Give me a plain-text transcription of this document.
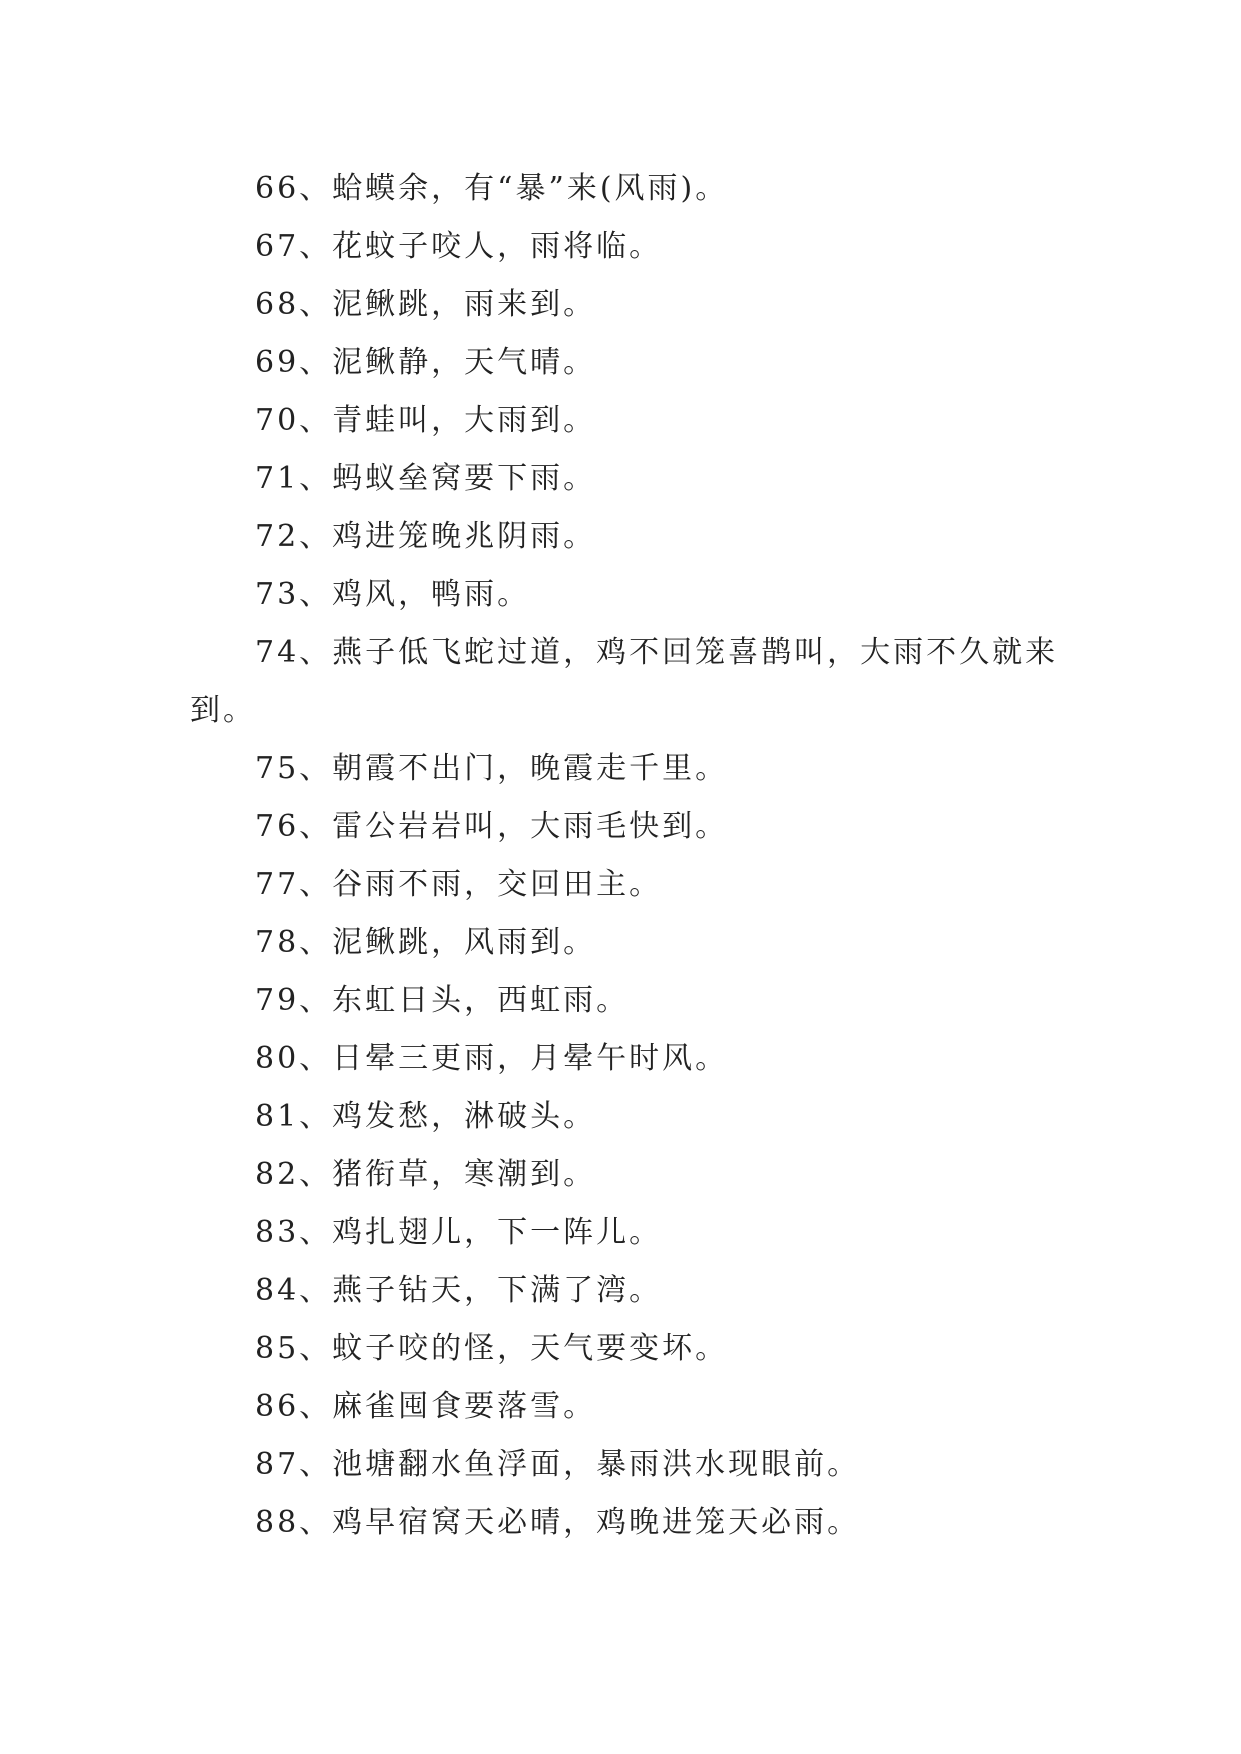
66、蛤蟆余，有“暴”来(风雨)。

67、花蚊子咬人，雨将临。

68、泥鳅跳，雨来到。

69、泥鳅静，天气晴。

70、青蛙叫，大雨到。

71、蚂蚁垒窝要下雨。

72、鸡进笼晚兆阴雨。

73、鸡风，鸭雨。

74、燕子低飞蛇过道，鸡不回笼喜鹊叫，大雨不久就来到。

75、朝霞不出门，晚霞走千里。

76、雷公岩岩叫，大雨毛快到。

77、谷雨不雨，交回田主。

78、泥鳅跳，风雨到。

79、东虹日头，西虹雨。

80、日晕三更雨，月晕午时风。

81、鸡发愁，淋破头。

82、猪衔草，寒潮到。

83、鸡扎翅儿，下一阵儿。

84、燕子钻天，下满了湾。

85、蚊子咬的怪，天气要变坏。

86、麻雀囤食要落雪。

87、池塘翻水鱼浮面，暴雨洪水现眼前。

88、鸡早宿窝天必晴，鸡晚进笼天必雨。
